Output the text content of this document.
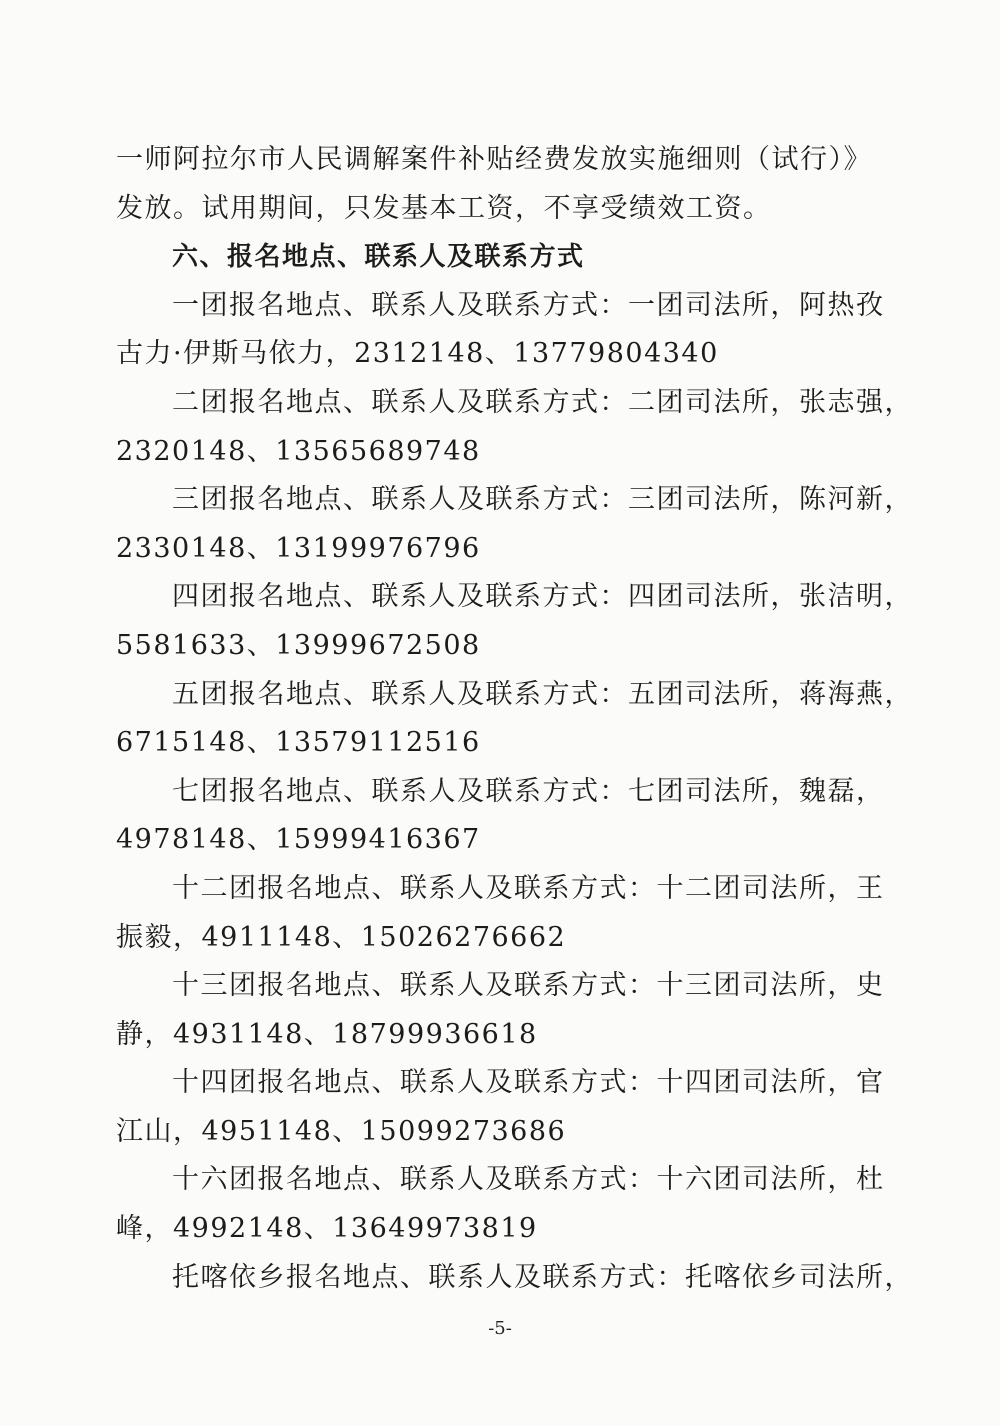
一师阿拉尔市人民调解案件补贴经费发放实施细则（试行）》
发放。试用期间，只发基本工资，不享受绩效工资。
六、报名地点、联系人及联系方式
一团报名地点、联系人及联系方式：一团司法所，阿热孜
古力·伊斯马依力，2312148、13779804340
二团报名地点、联系人及联系方式：二团司法所，张志强，
2320148、13565689748
三团报名地点、联系人及联系方式：三团司法所，陈河新，
2330148、13199976796
四团报名地点、联系人及联系方式：四团司法所，张洁明，
5581633、13999672508
五团报名地点、联系人及联系方式：五团司法所，蒋海燕，
6715148、13579112516
七团报名地点、联系人及联系方式：七团司法所，魏磊，
4978148、15999416367
十二团报名地点、联系人及联系方式：十二团司法所，王
振毅，4911148、15026276662
十三团报名地点、联系人及联系方式：十三团司法所，史
静，4931148、18799936618
十四团报名地点、联系人及联系方式：十四团司法所，官
江山，4951148、15099273686
十六团报名地点、联系人及联系方式：十六团司法所，杜
峰，4992148、13649973819
托喀依乡报名地点、联系人及联系方式：托喀依乡司法所，
-5-
